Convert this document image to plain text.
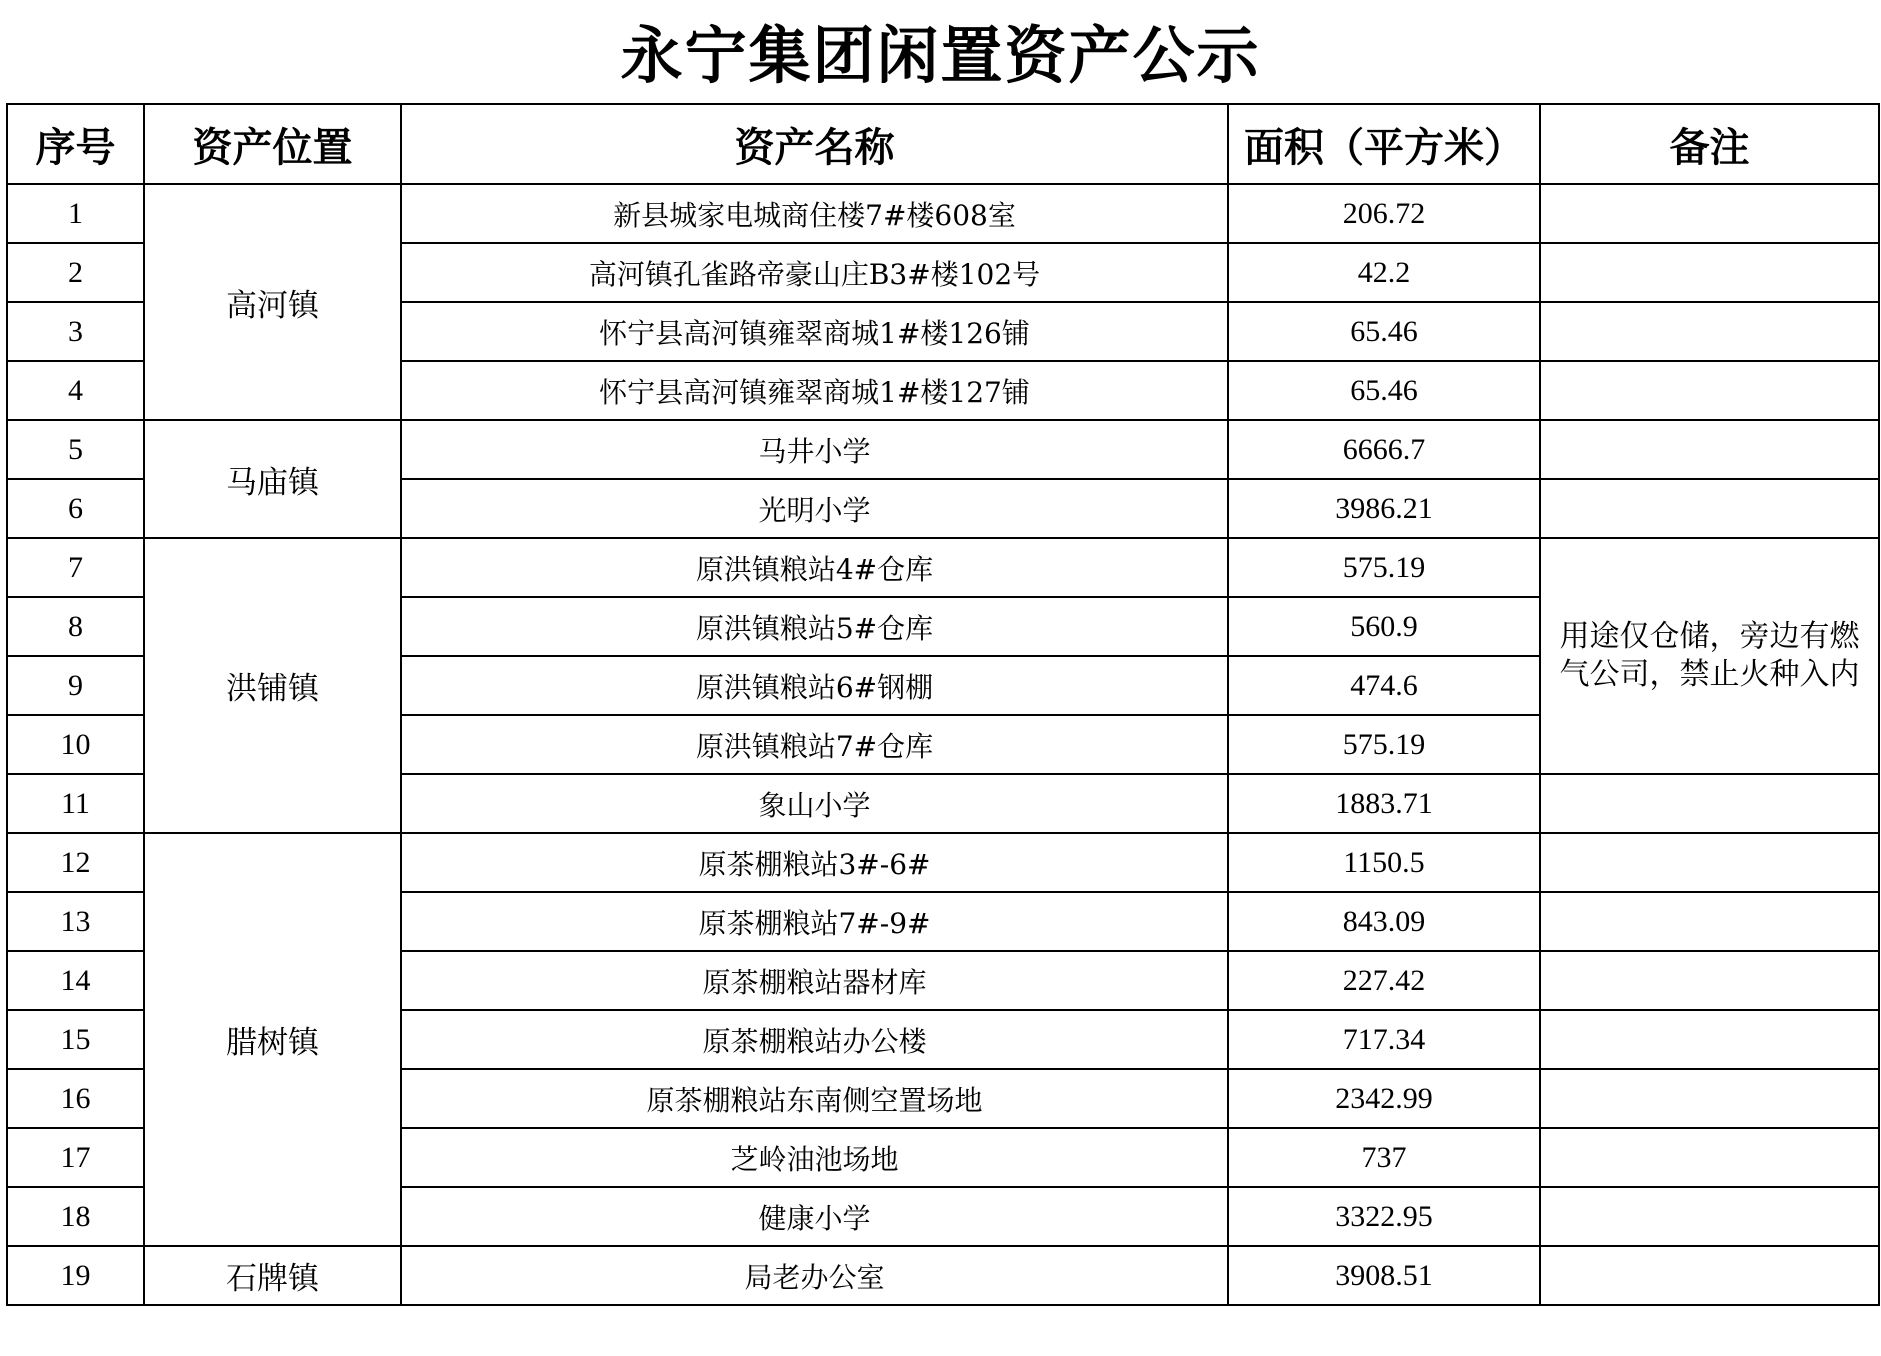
永宁集团闲置资产公示
序号	资产位置	资产名称	面积（平方米）	备注
1	高河镇	新县城家电城商住楼7#楼608室	206.72	
2		高河镇孔雀路帝豪山庄B3#楼102号	42.2	
3		怀宁县高河镇雍翠商城1#楼126铺	65.46	
4		怀宁县高河镇雍翠商城1#楼127铺	65.46	
5	马庙镇	马井小学	6666.7	
6		光明小学	3986.21	
7	洪铺镇	原洪镇粮站4#仓库	575.19	用途仅仓储，旁边有燃气公司，禁止火种入内
8		原洪镇粮站5#仓库	560.9	
9		原洪镇粮站6#钢棚	474.6	
10		原洪镇粮站7#仓库	575.19	
11		象山小学	1883.71	
12	腊树镇	原茶棚粮站3#-6#	1150.5	
13		原茶棚粮站7#-9#	843.09	
14		原茶棚粮站器材库	227.42	
15		原茶棚粮站办公楼	717.34	
16		原茶棚粮站东南侧空置场地	2342.99	
17		芝岭油池场地	737	
18		健康小学	3322.95	
19	石牌镇	局老办公室	3908.51	
